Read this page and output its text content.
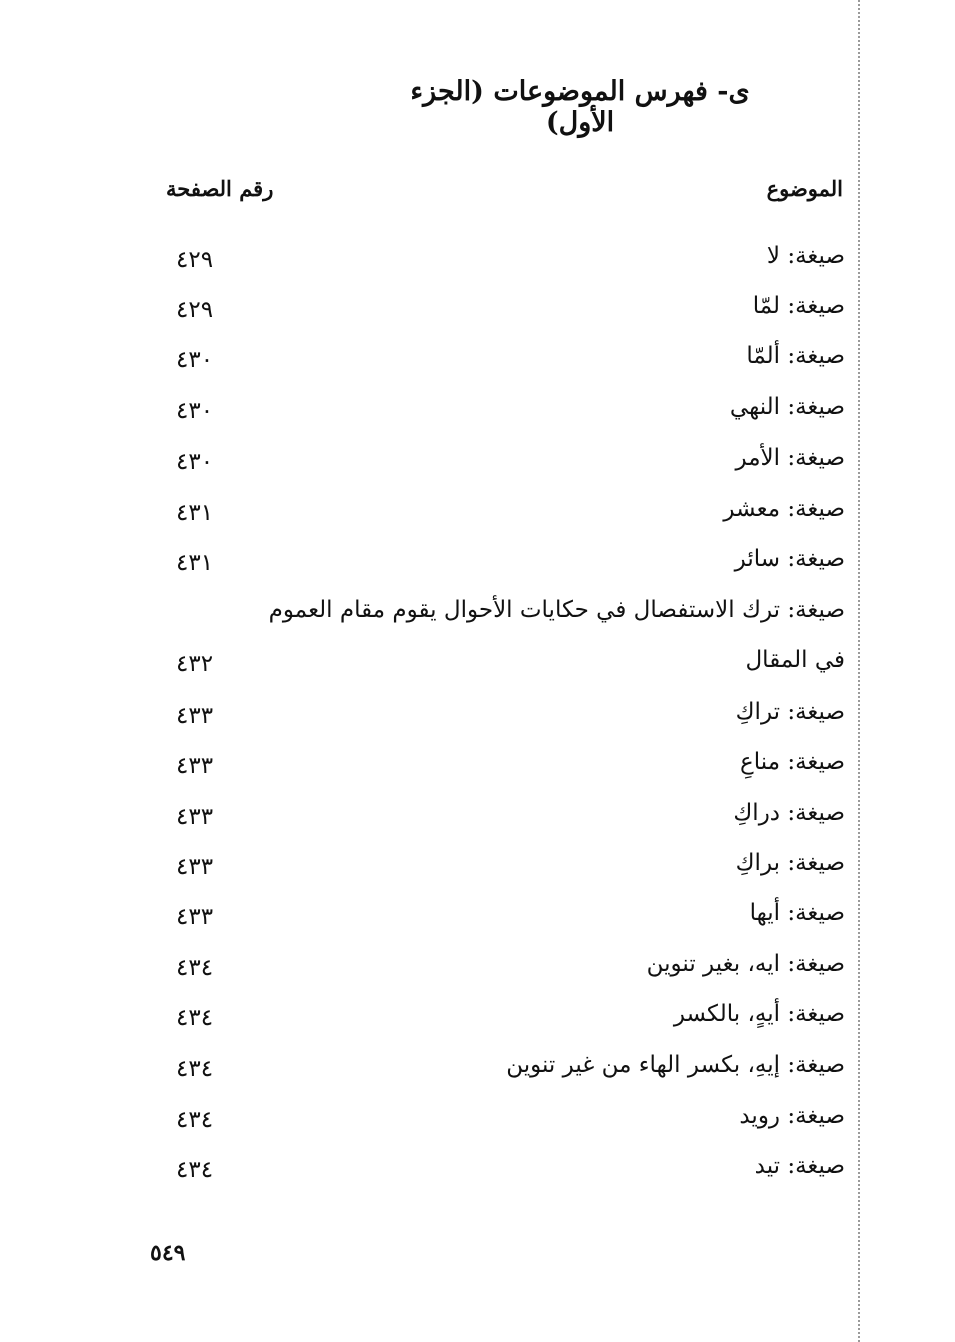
ى- فهرس الموضوعات (الجزء الأول)
الموضوع
رقم الصفحة
صيغة: لا
٤٢٩
صيغة: لمّا
٤٢٩
صيغة: ألمّا
٤٣٠
صيغة: النهي
٤٣٠
صيغة: الأمر
٤٣٠
صيغة: معشر
٤٣١
صيغة: سائر
٤٣١
صيغة: ترك الاستفصال في حكايات الأحوال يقوم مقام العموم
في المقال
٤٣٢
صيغة: تراكِ
٤٣٣
صيغة: مناعِ
٤٣٣
صيغة: دراكِ
٤٣٣
صيغة: براكِ
٤٣٣
صيغة: أيها
٤٣٣
صيغة: ايه، بغير تنوين
٤٣٤
صيغة: أيهٍ، بالكسر
٤٣٤
صيغة: إيهِ، بكسر الهاء من غير تنوين
٤٣٤
صيغة: رويد
٤٣٤
صيغة: تيد
٤٣٤
٥٤٩
